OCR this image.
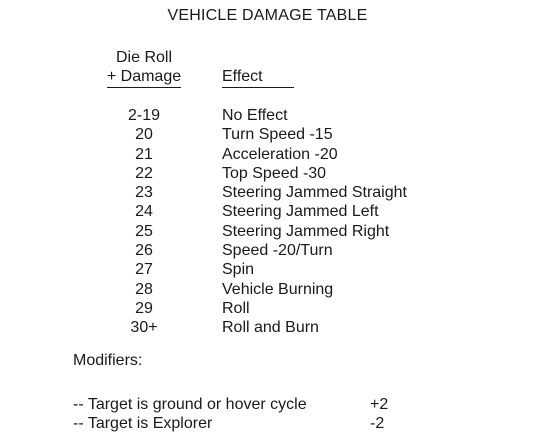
VEHICLE DAMAGE TABLE
Die Roll
+ Damage	Effect
2-19	No Effect
20	Turn Speed -15
21	Acceleration -20
22	Top Speed -30
23	Steering Jammed Straight
24	Steering Jammed Left
25	Steering Jammed Right
26	Speed -20/Turn
27	Spin
28	Vehicle Burning
29	Roll
30+	Roll and Burn
Modifiers:
-- Target is ground or hover cycle	+2
-- Target is Explorer	-2
